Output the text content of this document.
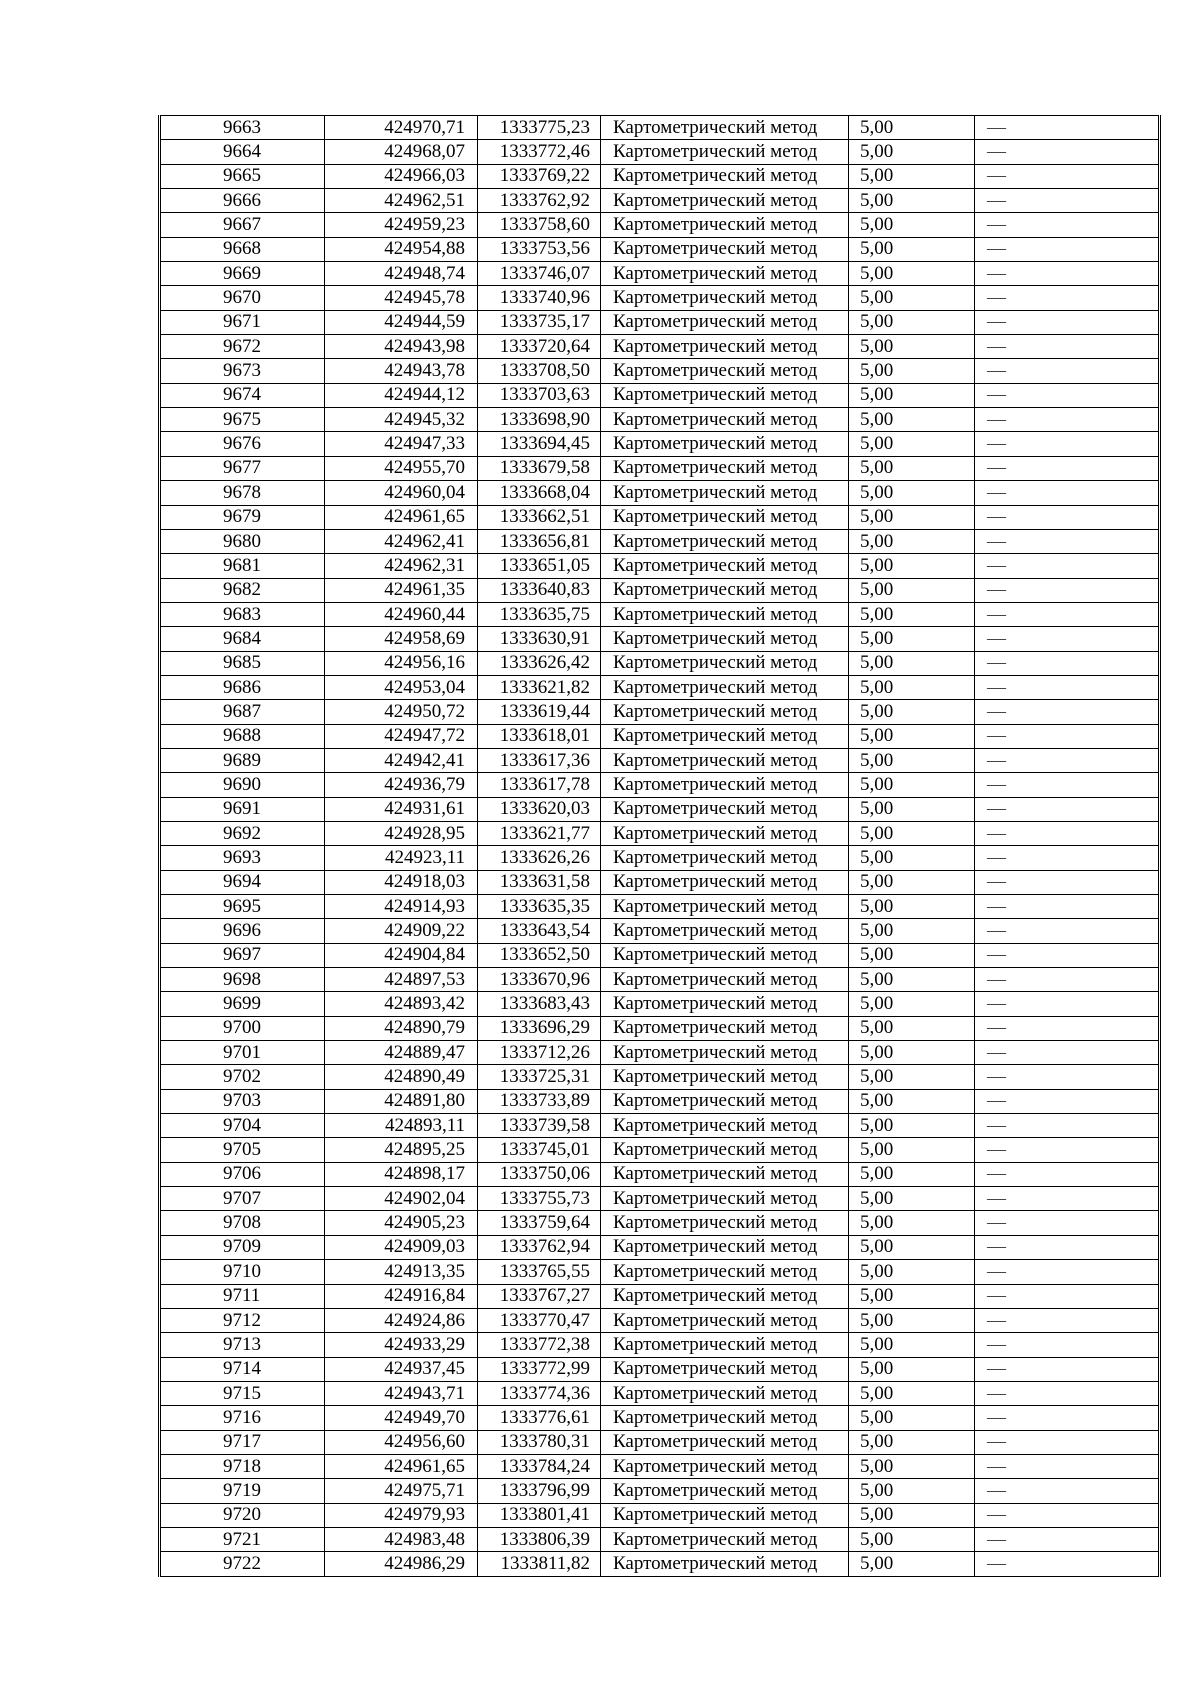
9663	424970,71	1333775,23	Картометрический метод	5,00	—
9664	424968,07	1333772,46	Картометрический метод	5,00	—
9665	424966,03	1333769,22	Картометрический метод	5,00	—
9666	424962,51	1333762,92	Картометрический метод	5,00	—
9667	424959,23	1333758,60	Картометрический метод	5,00	—
9668	424954,88	1333753,56	Картометрический метод	5,00	—
9669	424948,74	1333746,07	Картометрический метод	5,00	—
9670	424945,78	1333740,96	Картометрический метод	5,00	—
9671	424944,59	1333735,17	Картометрический метод	5,00	—
9672	424943,98	1333720,64	Картометрический метод	5,00	—
9673	424943,78	1333708,50	Картометрический метод	5,00	—
9674	424944,12	1333703,63	Картометрический метод	5,00	—
9675	424945,32	1333698,90	Картометрический метод	5,00	—
9676	424947,33	1333694,45	Картометрический метод	5,00	—
9677	424955,70	1333679,58	Картометрический метод	5,00	—
9678	424960,04	1333668,04	Картометрический метод	5,00	—
9679	424961,65	1333662,51	Картометрический метод	5,00	—
9680	424962,41	1333656,81	Картометрический метод	5,00	—
9681	424962,31	1333651,05	Картометрический метод	5,00	—
9682	424961,35	1333640,83	Картометрический метод	5,00	—
9683	424960,44	1333635,75	Картометрический метод	5,00	—
9684	424958,69	1333630,91	Картометрический метод	5,00	—
9685	424956,16	1333626,42	Картометрический метод	5,00	—
9686	424953,04	1333621,82	Картометрический метод	5,00	—
9687	424950,72	1333619,44	Картометрический метод	5,00	—
9688	424947,72	1333618,01	Картометрический метод	5,00	—
9689	424942,41	1333617,36	Картометрический метод	5,00	—
9690	424936,79	1333617,78	Картометрический метод	5,00	—
9691	424931,61	1333620,03	Картометрический метод	5,00	—
9692	424928,95	1333621,77	Картометрический метод	5,00	—
9693	424923,11	1333626,26	Картометрический метод	5,00	—
9694	424918,03	1333631,58	Картометрический метод	5,00	—
9695	424914,93	1333635,35	Картометрический метод	5,00	—
9696	424909,22	1333643,54	Картометрический метод	5,00	—
9697	424904,84	1333652,50	Картометрический метод	5,00	—
9698	424897,53	1333670,96	Картометрический метод	5,00	—
9699	424893,42	1333683,43	Картометрический метод	5,00	—
9700	424890,79	1333696,29	Картометрический метод	5,00	—
9701	424889,47	1333712,26	Картометрический метод	5,00	—
9702	424890,49	1333725,31	Картометрический метод	5,00	—
9703	424891,80	1333733,89	Картометрический метод	5,00	—
9704	424893,11	1333739,58	Картометрический метод	5,00	—
9705	424895,25	1333745,01	Картометрический метод	5,00	—
9706	424898,17	1333750,06	Картометрический метод	5,00	—
9707	424902,04	1333755,73	Картометрический метод	5,00	—
9708	424905,23	1333759,64	Картометрический метод	5,00	—
9709	424909,03	1333762,94	Картометрический метод	5,00	—
9710	424913,35	1333765,55	Картометрический метод	5,00	—
9711	424916,84	1333767,27	Картометрический метод	5,00	—
9712	424924,86	1333770,47	Картометрический метод	5,00	—
9713	424933,29	1333772,38	Картометрический метод	5,00	—
9714	424937,45	1333772,99	Картометрический метод	5,00	—
9715	424943,71	1333774,36	Картометрический метод	5,00	—
9716	424949,70	1333776,61	Картометрический метод	5,00	—
9717	424956,60	1333780,31	Картометрический метод	5,00	—
9718	424961,65	1333784,24	Картометрический метод	5,00	—
9719	424975,71	1333796,99	Картометрический метод	5,00	—
9720	424979,93	1333801,41	Картометрический метод	5,00	—
9721	424983,48	1333806,39	Картометрический метод	5,00	—
9722	424986,29	1333811,82	Картометрический метод	5,00	—
